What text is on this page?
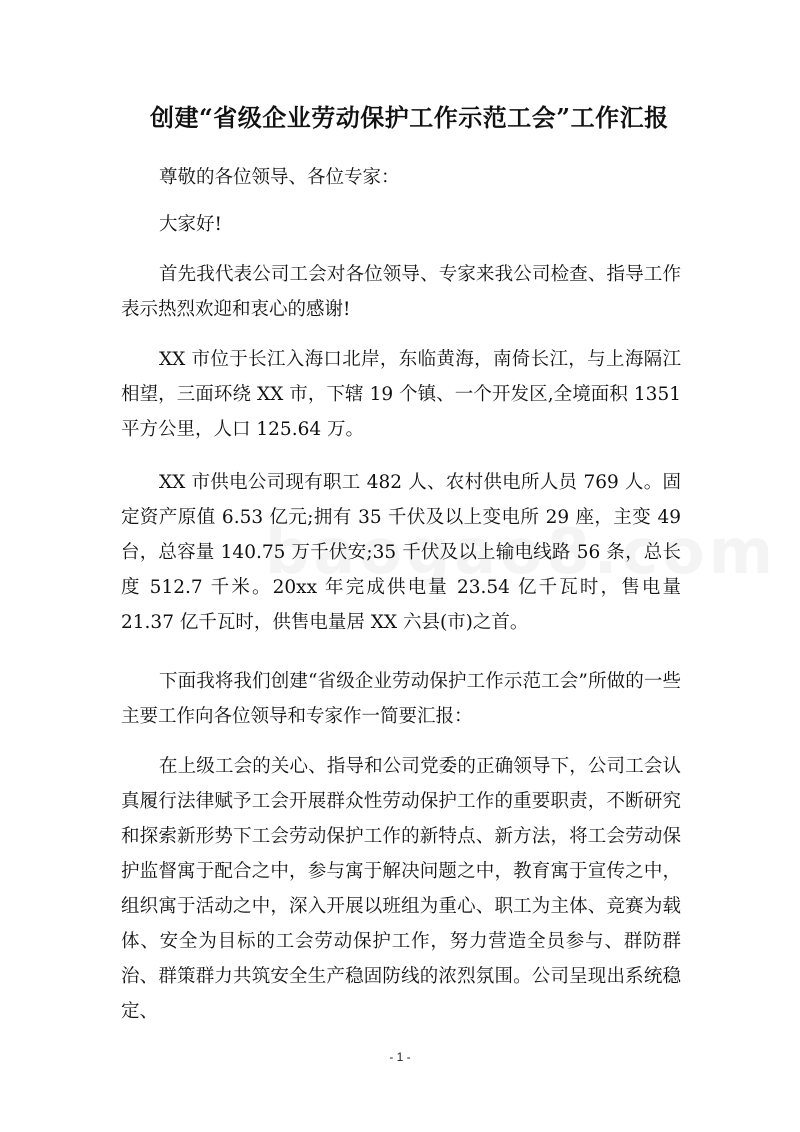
创建“省级企业劳动保护工作示范工会”工作汇报
尊敬的各位领导、各位专家：
大家好!
首先我代表公司工会对各位领导、专家来我公司检查、指导工作表示热烈欢迎和衷心的感谢!
XX 市位于长江入海口北岸，东临黄海，南倚长江，与上海隔江相望，三面环绕 XX 市，下辖 19 个镇、一个开发区,全境面积 1351 平方公里，人口 125.64 万。
XX 市供电公司现有职工 482 人、农村供电所人员 769 人。固定资产原值 6.53 亿元;拥有 35 千伏及以上变电所 29 座，主变 49 台，总容量 140.75 万千伏安;35 千伏及以上输电线路 56 条，总长度 512.7 千米。20xx 年完成供电量 23.54 亿千瓦时，售电量 21.37 亿千瓦时，供售电量居 XX 六县(市)之首。
下面我将我们创建“省级企业劳动保护工作示范工会”所做的一些主要工作向各位领导和专家作一简要汇报：
在上级工会的关心、指导和公司党委的正确领导下，公司工会认真履行法律赋予工会开展群众性劳动保护工作的重要职责，不断研究和探索新形势下工会劳动保护工作的新特点、新方法，将工会劳动保护监督寓于配合之中，参与寓于解决问题之中，教育寓于宣传之中，组织寓于活动之中，深入开展以班组为重心、职工为主体、竞赛为载体、安全为目标的工会劳动保护工作，努力营造全员参与、群防群治、群策群力共筑安全生产稳固防线的浓烈氛围。公司呈现出系统稳定、
- 1 -
